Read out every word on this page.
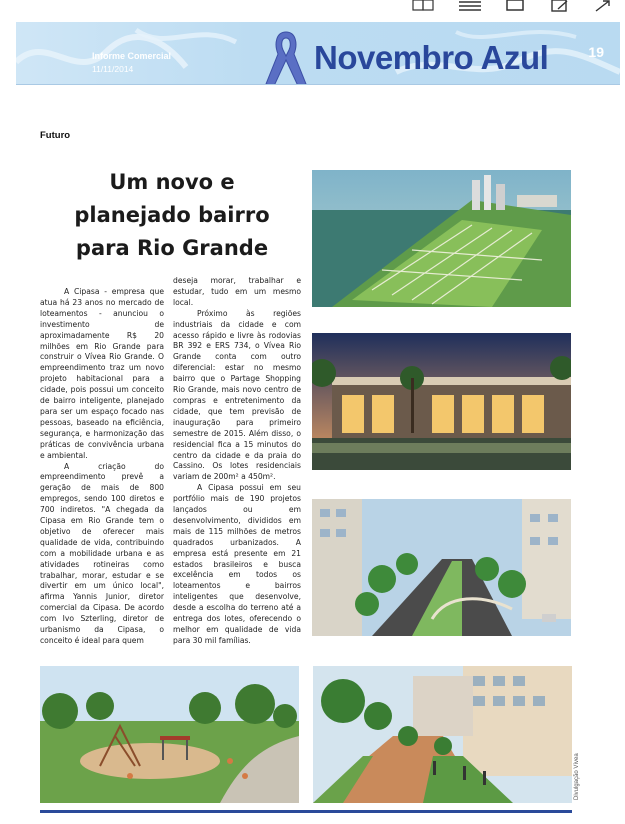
Informe Comercial
11/11/2014	Novembro Azul	19
Futuro
Um novo e
planejado bairro
para Rio Grande

A Cipasa - empresa que atua há 23 anos no mercado de loteamentos - anunciou o investimento de aproximadamente R$ 20 milhões em Rio Grande para construir o Vívea Rio Grande. O empreendimento traz um novo projeto habitacional para a cidade, pois possui um conceito de bairro inteligente, planejado para ser um espaço focado nas pessoas, baseado na eficiência, segurança, e harmonização das práticas de convivência urbana e ambiental.

A criação do empreendimento prevê a geração de mais de 800 empregos, sendo 100 diretos e 700 indiretos. "A chegada da Cipasa em Rio Grande tem o objetivo de oferecer mais qualidade de vida, contribuindo com a mobilidade urbana e as atividades rotineiras como trabalhar, morar, estudar e se divertir em um único local", afirma Yannis Junior, diretor comercial da Cipasa. De acordo com Ivo Szterling, diretor de urbanismo da Cipasa, o conceito é ideal para quem

deseja morar, trabalhar e estudar, tudo em um mesmo local.

Próximo às regiões industriais da cidade e com acesso rápido e livre às rodovias BR 392 e ERS 734, o Vívea Rio Grande conta com outro diferencial: estar no mesmo bairro que o Partage Shopping Rio Grande, mais novo centro de compras e entretenimento da cidade, que tem previsão de inauguração para primeiro semestre de 2015. Além disso, o residencial fica a 15 minutos do centro da cidade e da praia do Cassino. Os lotes residenciais variam de 200m² a 450m².

A Cipasa possui em seu portfólio mais de 190 projetos lançados ou em desenvolvimento, divididos em mais de 115 milhões de metros quadrados urbanizados. A empresa está presente em 21 estados brasileiros e busca excelência em todos os loteamentos e bairros inteligentes que desenvolve, desde a escolha do terreno até a entrega dos lotes, oferecendo o melhor em qualidade de vida para 30 mil famílias.

Divulgação Vívea
